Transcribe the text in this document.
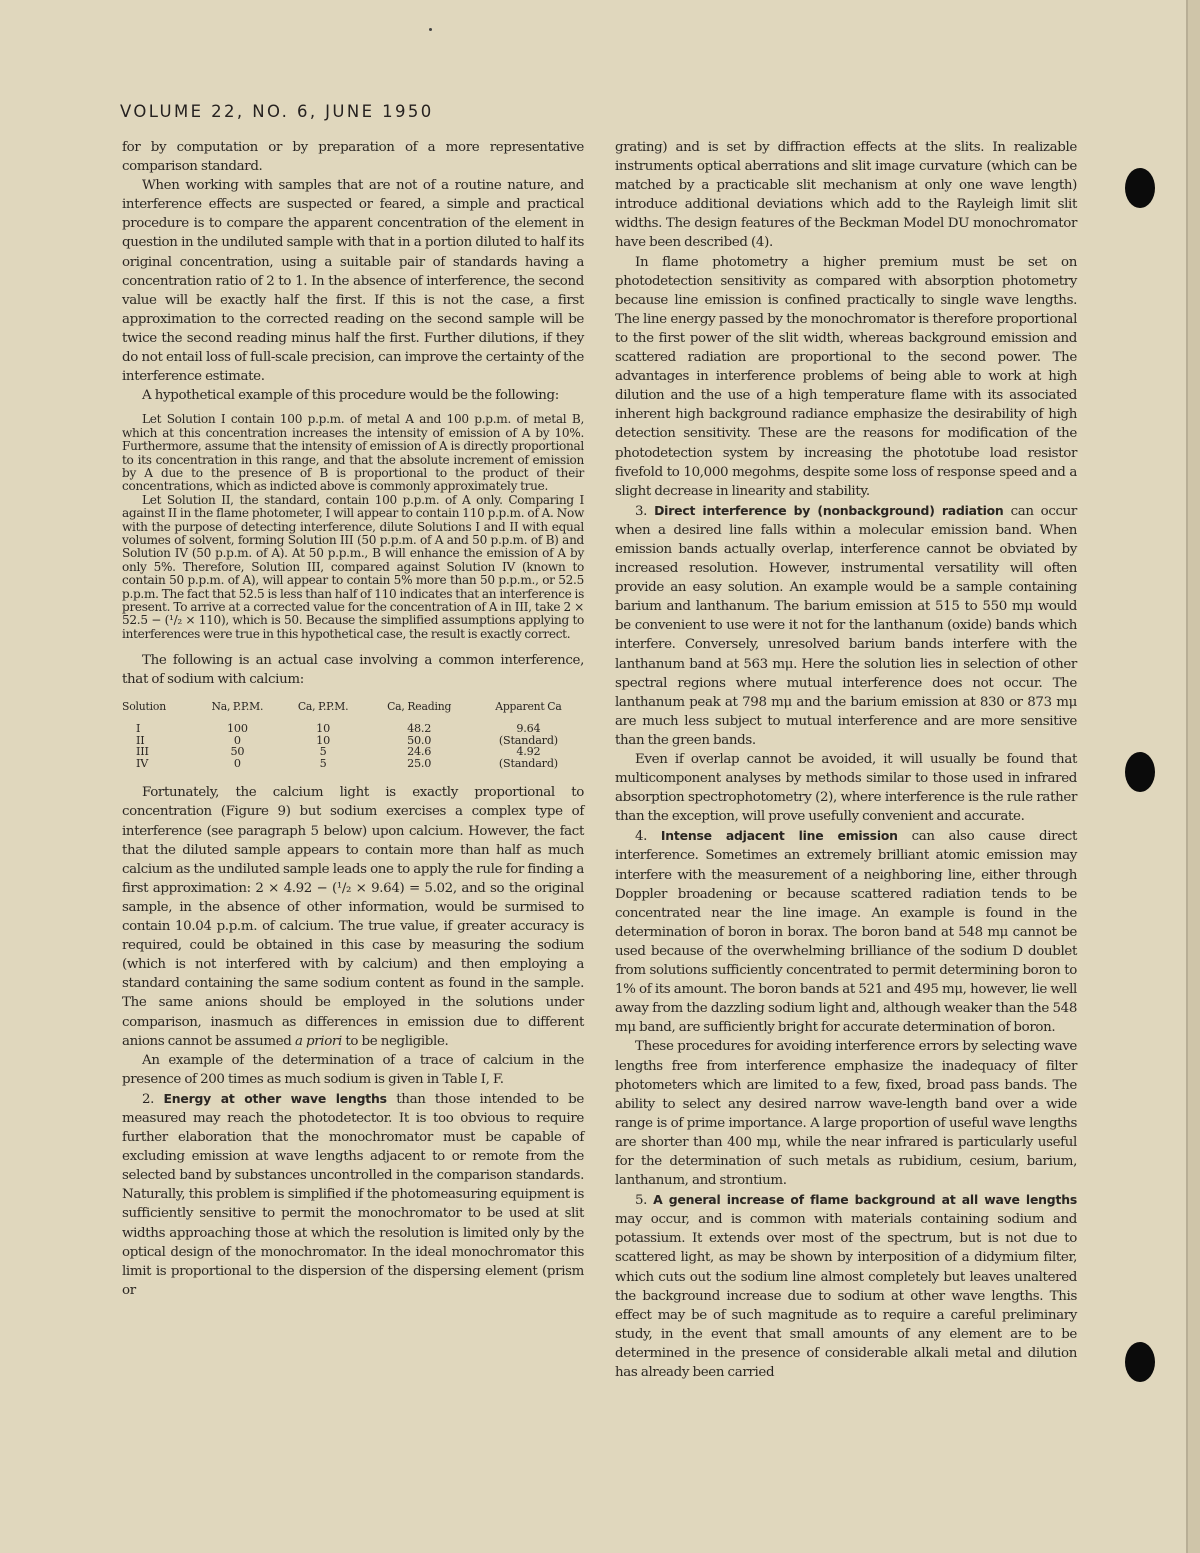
VOLUME 22, NO. 6, JUNE 1950

for by computation or by preparation of a more representative comparison standard.

When working with samples that are not of a routine nature, and interference effects are suspected or feared, a simple and practical procedure is to compare the apparent concentration of the element in question in the undiluted sample with that in a portion diluted to half its original concentration, using a suitable pair of standards having a concentration ratio of 2 to 1. In the absence of interference, the second value will be exactly half the first. If this is not the case, a first approximation to the corrected reading on the second sample will be twice the second reading minus half the first. Further dilutions, if they do not entail loss of full-scale precision, can improve the certainty of the interference estimate.

A hypothetical example of this procedure would be the following:

Let Solution I contain 100 p.p.m. of metal A and 100 p.p.m. of metal B, which at this concentration increases the intensity of emission of A by 10%. Furthermore, assume that the intensity of emission of A is directly proportional to its concentration in this range, and that the absolute increment of emission by A due to the presence of B is proportional to the product of their concentrations, which as indicted above is commonly approximately true.

Let Solution II, the standard, contain 100 p.p.m. of A only. Comparing I against II in the flame photometer, I will appear to contain 110 p.p.m. of A. Now with the purpose of detecting interference, dilute Solutions I and II with equal volumes of solvent, forming Solution III (50 p.p.m. of A and 50 p.p.m. of B) and Solution IV (50 p.p.m. of A). At 50 p.p.m., B will enhance the emission of A by only 5%. Therefore, Solution III, compared against Solution IV (known to contain 50 p.p.m. of A), will appear to contain 5% more than 50 p.p.m., or 52.5 p.p.m. The fact that 52.5 is less than half of 110 indicates that an interference is present. To arrive at a corrected value for the concentration of A in III, take 2 × 52.5 − (¹/₂ × 110), which is 50. Because the simplified assumptions applying to interferences were true in this hypothetical case, the result is exactly correct.

The following is an actual case involving a common interference, that of sodium with calcium:

Solution	Na, P.P.M.	Ca, P.P.M.	Ca, Reading	Apparent Ca
I	100	10	48.2	9.64
II	0	10	50.0	(Standard)
III	50	5	24.6	4.92
IV	0	5	25.0	(Standard)

Fortunately, the calcium light is exactly proportional to concentration (Figure 9) but sodium exercises a complex type of interference (see paragraph 5 below) upon calcium. However, the fact that the diluted sample appears to contain more than half as much calcium as the undiluted sample leads one to apply the rule for finding a first approximation: 2 × 4.92 − (¹/₂ × 9.64) = 5.02, and so the original sample, in the absence of other information, would be surmised to contain 10.04 p.p.m. of calcium. The true value, if greater accuracy is required, could be obtained in this case by measuring the sodium (which is not interfered with by calcium) and then employing a standard containing the same sodium content as found in the sample. The same anions should be employed in the solutions under comparison, inasmuch as differences in emission due to different anions cannot be assumed a priori to be negligible.

An example of the determination of a trace of calcium in the presence of 200 times as much sodium is given in Table I, F.

2. Energy at other wave lengths than those intended to be measured may reach the photodetector. It is too obvious to require further elaboration that the monochromator must be capable of excluding emission at wave lengths adjacent to or remote from the selected band by substances uncontrolled in the comparison standards. Naturally, this problem is simplified if the photomeasuring equipment is sufficiently sensitive to permit the monochromator to be used at slit widths approaching those at which the resolution is limited only by the optical design of the monochromator. In the ideal monochromator this limit is proportional to the dispersion of the dispersing element (prism or

grating) and is set by diffraction effects at the slits. In realizable instruments optical aberrations and slit image curvature (which can be matched by a practicable slit mechanism at only one wave length) introduce additional deviations which add to the Rayleigh limit slit widths. The design features of the Beckman Model DU monochromator have been described (4).

In flame photometry a higher premium must be set on photodetection sensitivity as compared with absorption photometry because line emission is confined practically to single wave lengths. The line energy passed by the monochromator is therefore proportional to the first power of the slit width, whereas background emission and scattered radiation are proportional to the second power. The advantages in interference problems of being able to work at high dilution and the use of a high temperature flame with its associated inherent high background radiance emphasize the desirability of high detection sensitivity. These are the reasons for modification of the photodetection system by increasing the phototube load resistor fivefold to 10,000 megohms, despite some loss of response speed and a slight decrease in linearity and stability.

3. Direct interference by (nonbackground) radiation can occur when a desired line falls within a molecular emission band. When emission bands actually overlap, interference cannot be obviated by increased resolution. However, instrumental versatility will often provide an easy solution. An example would be a sample containing barium and lanthanum. The barium emission at 515 to 550 mμ would be convenient to use were it not for the lanthanum (oxide) bands which interfere. Conversely, unresolved barium bands interfere with the lanthanum band at 563 mμ. Here the solution lies in selection of other spectral regions where mutual interference does not occur. The lanthanum peak at 798 mμ and the barium emission at 830 or 873 mμ are much less subject to mutual interference and are more sensitive than the green bands.

Even if overlap cannot be avoided, it will usually be found that multicomponent analyses by methods similar to those used in infrared absorption spectrophotometry (2), where interference is the rule rather than the exception, will prove usefully convenient and accurate.

4. Intense adjacent line emission can also cause direct interference. Sometimes an extremely brilliant atomic emission may interfere with the measurement of a neighboring line, either through Doppler broadening or because scattered radiation tends to be concentrated near the line image. An example is found in the determination of boron in borax. The boron band at 548 mμ cannot be used because of the overwhelming brilliance of the sodium D doublet from solutions sufficiently concentrated to permit determining boron to 1% of its amount. The boron bands at 521 and 495 mμ, however, lie well away from the dazzling sodium light and, although weaker than the 548 mμ band, are sufficiently bright for accurate determination of boron.

These procedures for avoiding interference errors by selecting wave lengths free from interference emphasize the inadequacy of filter photometers which are limited to a few, fixed, broad pass bands. The ability to select any desired narrow wave-length band over a wide range is of prime importance. A large proportion of useful wave lengths are shorter than 400 mμ, while the near infrared is particularly useful for the determination of such metals as rubidium, cesium, barium, lanthanum, and strontium.

5. A general increase of flame background at all wave lengths may occur, and is common with materials containing sodium and potassium. It extends over most of the spectrum, but is not due to scattered light, as may be shown by interposition of a didymium filter, which cuts out the sodium line almost completely but leaves unaltered the background increase due to sodium at other wave lengths. This effect may be of such magnitude as to require a careful preliminary study, in the event that small amounts of any element are to be determined in the presence of considerable alkali metal and dilution has already been carried
